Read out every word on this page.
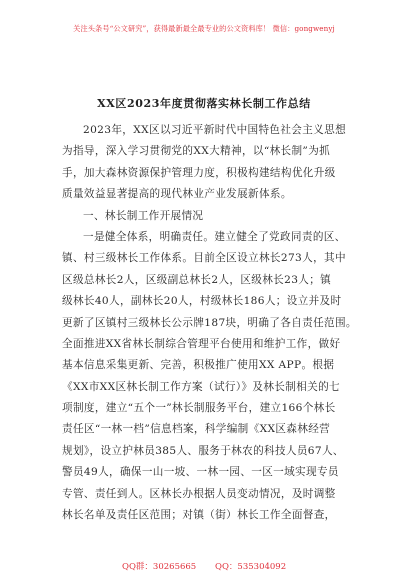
关注头条号“公文研究”，获得最新最全最专业的公文资料库！ 微信：gongwenyj
XX区2023年度贯彻落实林长制工作总结
2023年，XX区以习近平新时代中国特色社会主义思想
为指导，深入学习贯彻党的XX大精神，以“林长制”为抓
手，加大森林资源保护管理力度，积极构建结构优化升级
质量效益显著提高的现代林业产业发展新体系。
一、林长制工作开展情况
一是健全体系，明确责任。建立健全了党政同责的区、
镇、村三级林长工作体系。目前全区设立林长273人，其中
区级总林长2人，区级副总林长2人，区级林长23人；镇
级林长40人，副林长20人，村级林长186人；设立并及时
更新了区镇村三级林长公示牌187块，明确了各自责任范围。
全面推进XX省林长制综合管理平台使用和维护工作，做好
基本信息采集更新、完善，积极推广使用XX APP。根据
《XX市XX区林长制工作方案（试行）》及林长制相关的七
项制度，建立“五个一”林长制服务平台，建立166个林长
责任区“一林一档”信息档案，科学编制《XX区森林经营
规划》，设立护林员385人、服务于林农的科技人员67人、
警员49人，确保一山一坡、一林一园、一区一域实现专员
专管、责任到人。区林长办根据人员变动情况，及时调整
林长名单及责任区范围；对镇（街）林长工作全面督查，
QQ群：30265665 QQ：535304092
